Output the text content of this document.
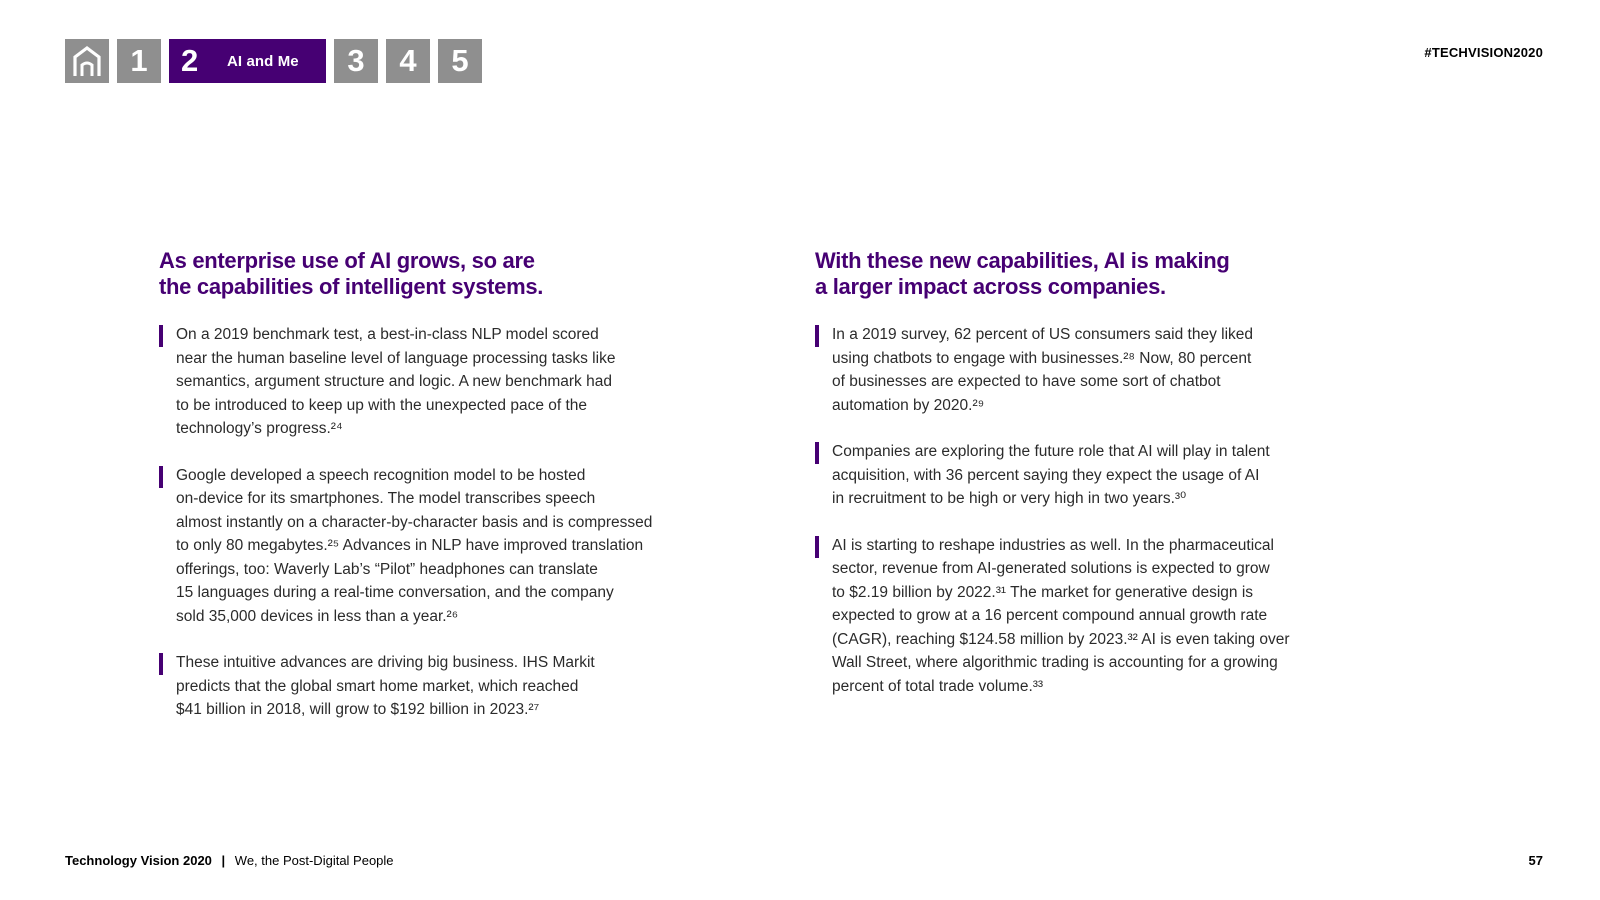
1	2	AI and Me	3	4	5	#TECHVISION2020
As enterprise use of AI grows, so are
the capabilities of intelligent systems.
On a 2019 benchmark test, a best-in-class NLP model scored
near the human baseline level of language processing tasks like
semantics, argument structure and logic. A new benchmark had
to be introduced to keep up with the unexpected pace of the
technology’s progress.²⁴
Google developed a speech recognition model to be hosted
on-device for its smartphones. The model transcribes speech
almost instantly on a character-by-character basis and is compressed
to only 80 megabytes.²⁵ Advances in NLP have improved translation
offerings, too: Waverly Lab’s “Pilot” headphones can translate
15 languages during a real-time conversation, and the company
sold 35,000 devices in less than a year.²⁶
These intuitive advances are driving big business. IHS Markit
predicts that the global smart home market, which reached
$41 billion in 2018, will grow to $192 billion in 2023.²⁷
With these new capabilities, AI is making
a larger impact across companies.
In a 2019 survey, 62 percent of US consumers said they liked
using chatbots to engage with businesses.²⁸ Now, 80 percent
of businesses are expected to have some sort of chatbot
automation by 2020.²⁹
Companies are exploring the future role that AI will play in talent
acquisition, with 36 percent saying they expect the usage of AI
in recruitment to be high or very high in two years.³⁰
AI is starting to reshape industries as well. In the pharmaceutical
sector, revenue from AI-generated solutions is expected to grow
to $2.19 billion by 2022.³¹ The market for generative design is
expected to grow at a 16 percent compound annual growth rate
(CAGR), reaching $124.58 million by 2023.³² AI is even taking over
Wall Street, where algorithmic trading is accounting for a growing
percent of total trade volume.³³
Technology Vision 2020 | We, the Post-Digital People	57
